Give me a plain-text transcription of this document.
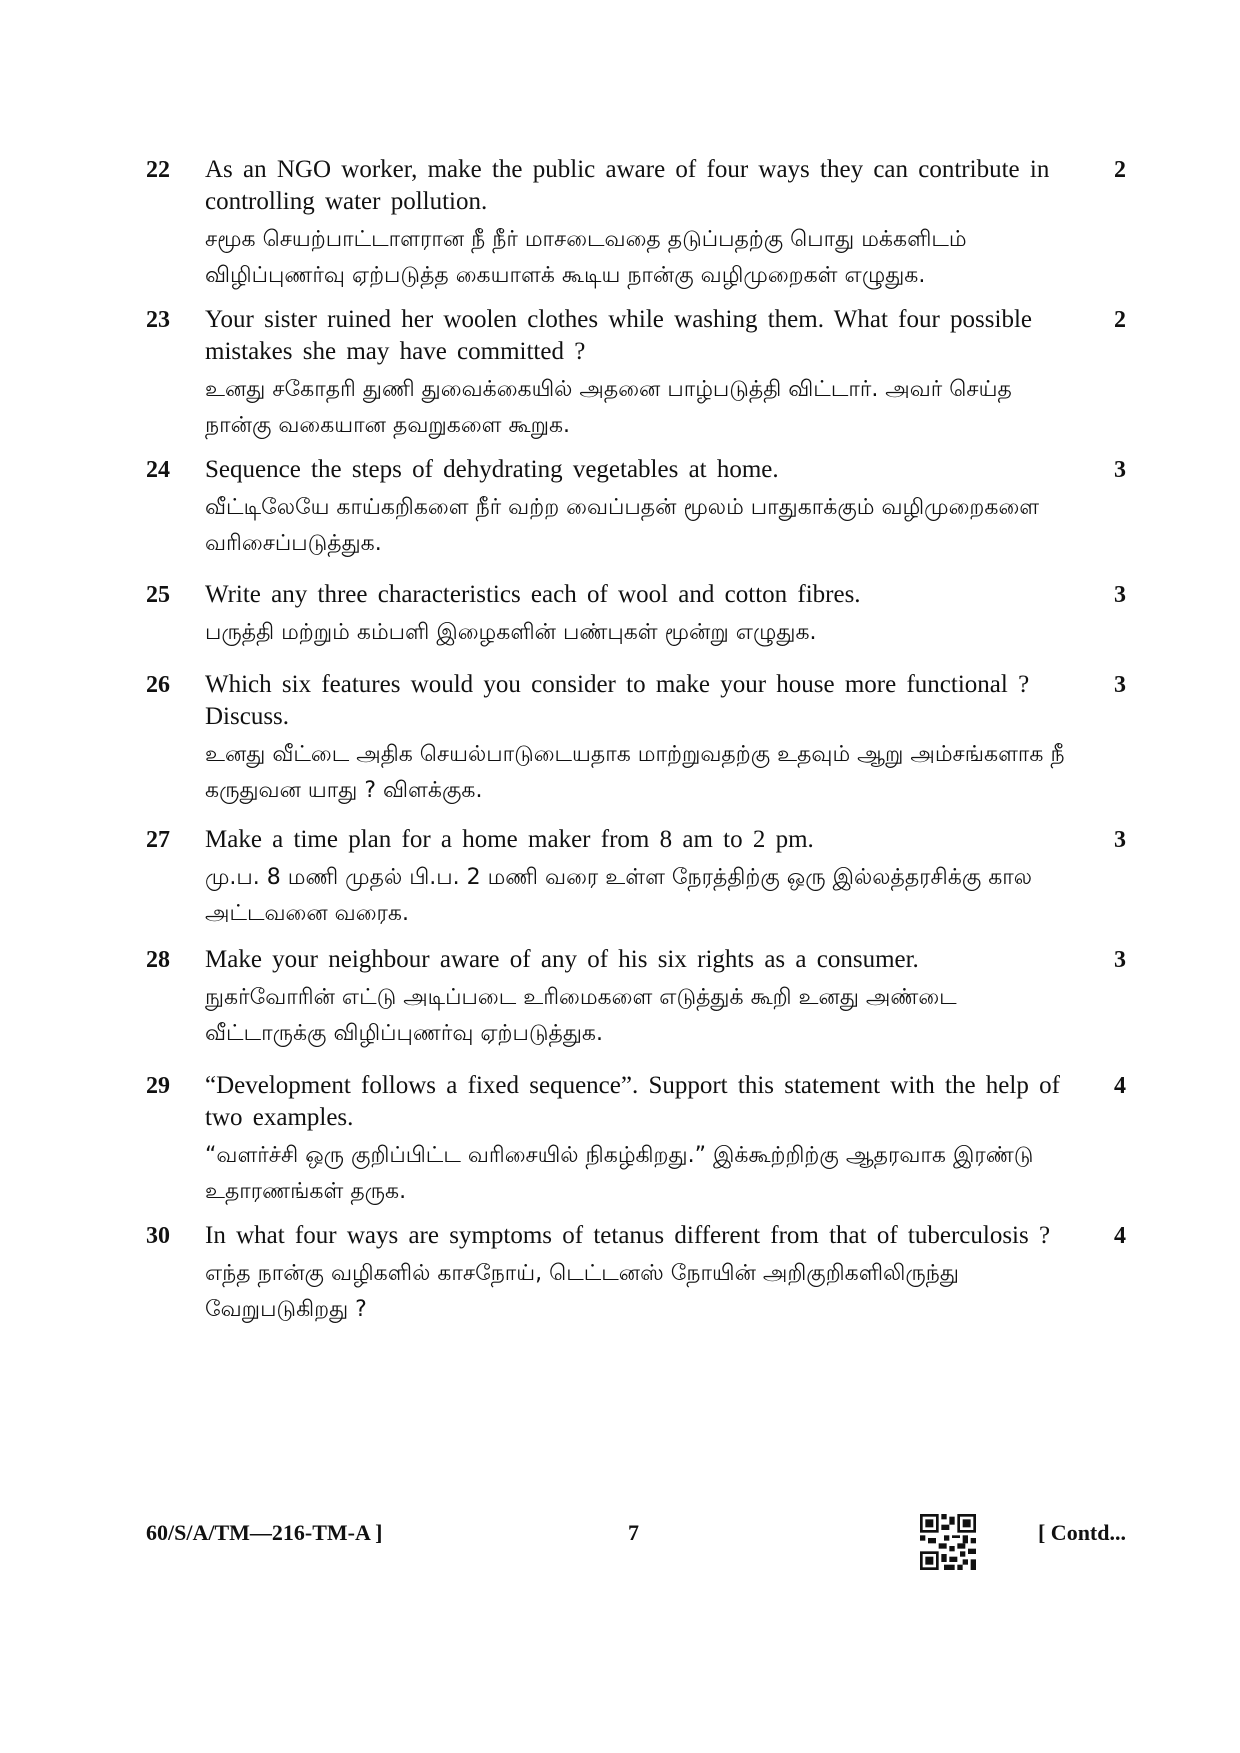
22 As an NGO worker, make the public aware of four ways they can contribute in controlling water pollution.
சமூக செயற்பாட்டாளரான நீ நீர் மாசடைவதை தடுப்பதற்கு பொது மக்களிடம் விழிப்புணர்வு ஏற்படுத்த கையாளக் கூடிய நான்கு வழிமுறைகள் எழுதுக.
2
23 Your sister ruined her woolen clothes while washing them. What four possible mistakes she may have committed ?
உனது சகோதரி துணி துவைக்கையில் அதனை பாழ்படுத்தி விட்டார். அவர் செய்த நான்கு வகையான தவறுகளை கூறுக.
2
24 Sequence the steps of dehydrating vegetables at home.
வீட்டிலேயே காய்கறிகளை நீர் வற்ற வைப்பதன் மூலம் பாதுகாக்கும் வழிமுறைகளை வரிசைப்படுத்துக.
3
25 Write any three characteristics each of wool and cotton fibres.
பருத்தி மற்றும் கம்பளி இழைகளின் பண்புகள் மூன்று எழுதுக.
3
26 Which six features would you consider to make your house more functional ? Discuss.
உனது வீட்டை அதிக செயல்பாடுடையதாக மாற்றுவதற்கு உதவும் ஆறு அம்சங்களாக நீ கருதுவன யாது ? விளக்குக.
3
27 Make a time plan for a home maker from 8 am to 2 pm.
மு.ப. 8 மணி முதல் பி.ப. 2 மணி வரை உள்ள நேரத்திற்கு ஒரு இல்லத்தரசிக்கு கால அட்டவனை வரைக.
3
28 Make your neighbour aware of any of his six rights as a consumer.
நுகர்வோரின் எட்டு அடிப்படை உரிமைகளை எடுத்துக் கூறி உனது அண்டை வீட்டாருக்கு விழிப்புணர்வு ஏற்படுத்துக.
3
29 “Development follows a fixed sequence”. Support this statement with the help of two examples.
“வளர்ச்சி ஒரு குறிப்பிட்ட வரிசையில் நிகழ்கிறது.” இக்கூற்றிற்கு ஆதரவாக இரண்டு உதாரணங்கள் தருக.
4
30 In what four ways are symptoms of tetanus different from that of tuberculosis ?
எந்த நான்கு வழிகளில் காசநோய், டெட்டனஸ் நோயின் அறிகுறிகளிலிருந்து வேறுபடுகிறது ?
4
60/S/A/TM—216-TM-A ]	7	[ Contd...
